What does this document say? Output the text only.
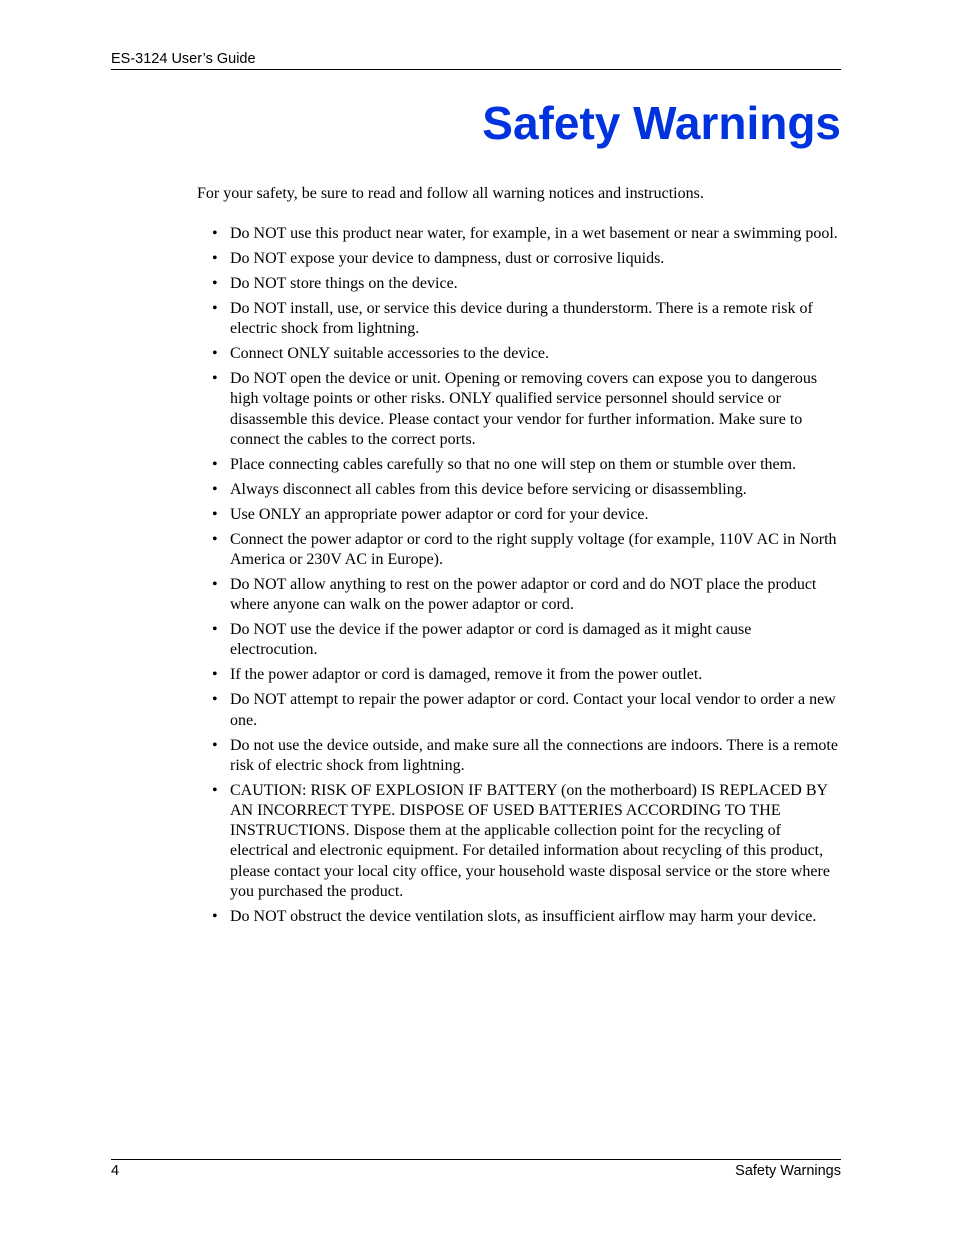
ES-3124 User’s Guide
Safety Warnings

For your safety, be sure to read and follow all warning notices and instructions.

• Do NOT use this product near water, for example, in a wet basement or near a swimming pool.
• Do NOT expose your device to dampness, dust or corrosive liquids.
• Do NOT store things on the device.
• Do NOT install, use, or service this device during a thunderstorm. There is a remote risk of electric shock from lightning.
• Connect ONLY suitable accessories to the device.
• Do NOT open the device or unit. Opening or removing covers can expose you to dangerous high voltage points or other risks. ONLY qualified service personnel should service or disassemble this device. Please contact your vendor for further information. Make sure to connect the cables to the correct ports.
• Place connecting cables carefully so that no one will step on them or stumble over them.
• Always disconnect all cables from this device before servicing or disassembling.
• Use ONLY an appropriate power adaptor or cord for your device.
• Connect the power adaptor or cord to the right supply voltage (for example, 110V AC in North America or 230V AC in Europe).
• Do NOT allow anything to rest on the power adaptor or cord and do NOT place the product where anyone can walk on the power adaptor or cord.
• Do NOT use the device if the power adaptor or cord is damaged as it might cause electrocution.
• If the power adaptor or cord is damaged, remove it from the power outlet.
• Do NOT attempt to repair the power adaptor or cord. Contact your local vendor to order a new one.
• Do not use the device outside, and make sure all the connections are indoors. There is a remote risk of electric shock from lightning.
• CAUTION: RISK OF EXPLOSION IF BATTERY (on the motherboard) IS REPLACED BY AN INCORRECT TYPE. DISPOSE OF USED BATTERIES ACCORDING TO THE INSTRUCTIONS. Dispose them at the applicable collection point for the recycling of electrical and electronic equipment. For detailed information about recycling of this product, please contact your local city office, your household waste disposal service or the store where you purchased the product.
• Do NOT obstruct the device ventilation slots, as insufficient airflow may harm your device.
4	Safety Warnings
